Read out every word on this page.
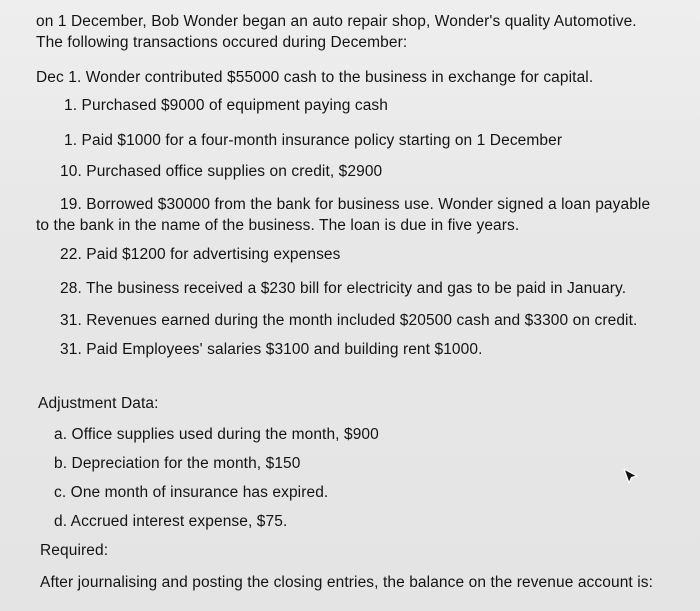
on 1 December, Bob Wonder began an auto repair shop, Wonder's quality Automotive.
The following transactions occured during December:
Dec 1. Wonder contributed $55000 cash to the business in exchange for capital.
1. Purchased $9000 of equipment paying cash
1. Paid $1000 for a four-month insurance policy starting on 1 December
10. Purchased office supplies on credit, $2900
19. Borrowed $30000 from the bank for business use. Wonder signed a loan payable
to the bank in the name of the business. The loan is due in five years.
22. Paid $1200 for advertising expenses
28. The business received a $230 bill for electricity and gas to be paid in January.
31. Revenues earned during the month included $20500 cash and $3300 on credit.
31. Paid Employees' salaries $3100 and building rent $1000.
Adjustment Data:
a. Office supplies used during the month, $900
b. Depreciation for the month, $150
c. One month of insurance has expired.
d. Accrued interest expense, $75.
Required:
After journalising and posting the closing entries, the balance on the revenue account is:
